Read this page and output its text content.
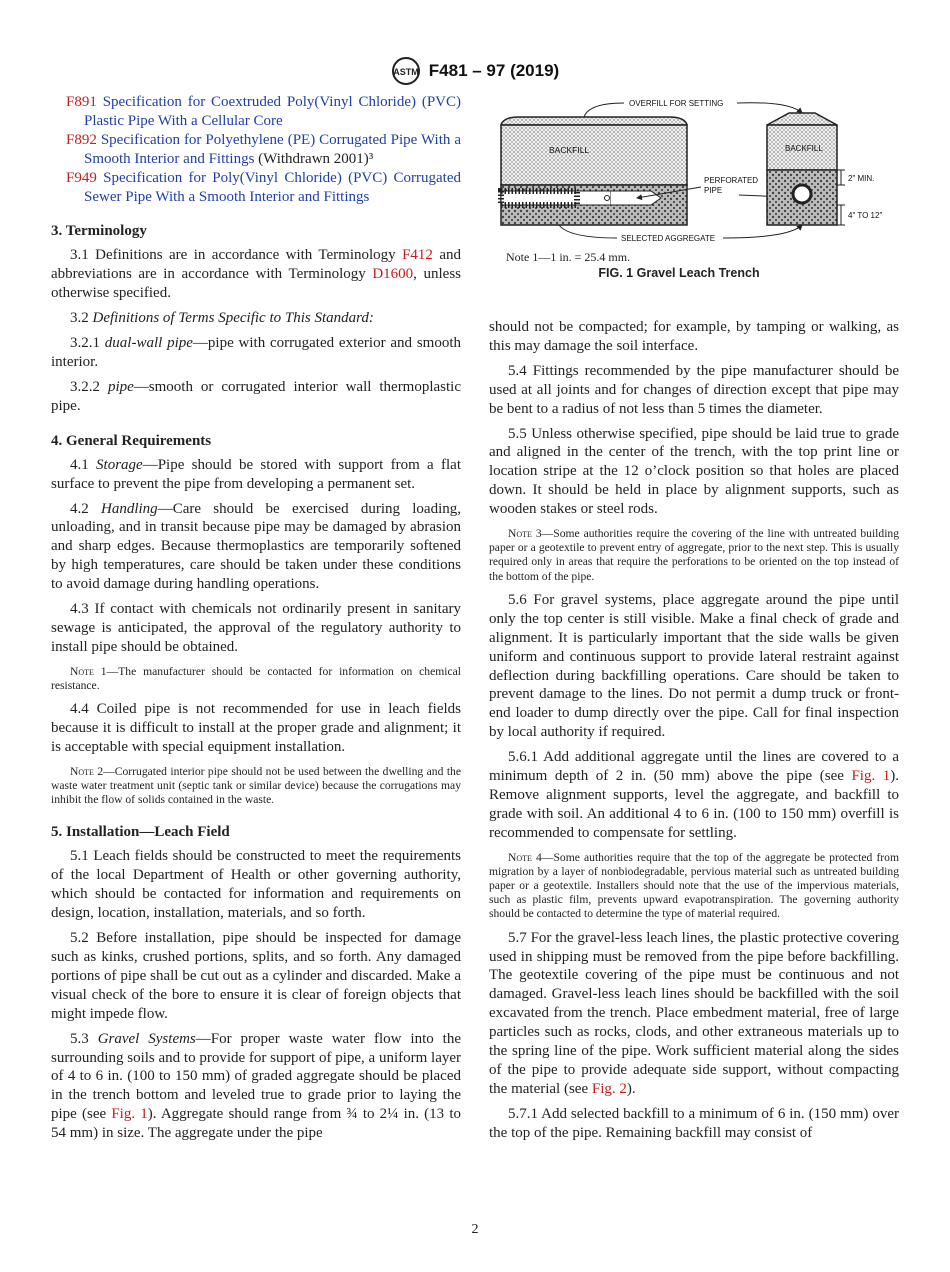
ASTM F481 – 97 (2019)
F891 Specification for Coextruded Poly(Vinyl Chloride) (PVC) Plastic Pipe With a Cellular Core
F892 Specification for Polyethylene (PE) Corrugated Pipe With a Smooth Interior and Fittings (Withdrawn 2001)³
F949 Specification for Poly(Vinyl Chloride) (PVC) Corrugated Sewer Pipe With a Smooth Interior and Fittings
3. Terminology

3.1 Definitions are in accordance with Terminology F412 and abbreviations are in accordance with Terminology D1600, unless otherwise specified.

3.2 Definitions of Terms Specific to This Standard:

3.2.1 dual-wall pipe—pipe with corrugated exterior and smooth interior.

3.2.2 pipe—smooth or corrugated interior wall thermoplastic pipe.

4. General Requirements

4.1 Storage—Pipe should be stored with support from a flat surface to prevent the pipe from developing a permanent set.

4.2 Handling—Care should be exercised during loading, unloading, and in transit because pipe may be damaged by abrasion and sharp edges. Because thermoplastics are temporarily softened by high temperatures, care should be taken under these conditions to avoid damage during handling operations.

4.3 If contact with chemicals not ordinarily present in sanitary sewage is anticipated, the approval of the regulatory authority to install pipe should be obtained.

Note 1—The manufacturer should be contacted for information on chemical resistance.

4.4 Coiled pipe is not recommended for use in leach fields because it is difficult to install at the proper grade and alignment; it is acceptable with special equipment installation.

Note 2—Corrugated interior pipe should not be used between the dwelling and the waste water treatment unit (septic tank or similar device) because the corrugations may inhibit the flow of solids contained in the waste.

5. Installation—Leach Field

5.1 Leach fields should be constructed to meet the requirements of the local Department of Health or other governing authority, which should be contacted for information and requirements on design, location, installation, materials, and so forth.

5.2 Before installation, pipe should be inspected for damage such as kinks, crushed portions, splits, and so forth. Any damaged portions of pipe shall be cut out as a cylinder and discarded. Make a visual check of the bore to ensure it is clear of foreign objects that might impede flow.

5.3 Gravel Systems—For proper waste water flow into the surrounding soils and to provide for support of pipe, a uniform layer of 4 to 6 in. (100 to 150 mm) of graded aggregate should be placed in the trench bottom and leveled true to grade prior to laying the pipe (see Fig. 1). Aggregate should range from ¾ to 2¼ in. (13 to 54 mm) in size. The aggregate under the pipe

BACKFILL
PERFORATED
PIPE
BACKFILL
2" MIN.
4" TO 12"
OVERFILL FOR SETTING
SELECTED AGGREGATE
Note 1—1 in. = 25.4 mm.
FIG. 1 Gravel Leach Trench

should not be compacted; for example, by tamping or walking, as this may damage the soil interface.

5.4 Fittings recommended by the pipe manufacturer should be used at all joints and for changes of direction except that pipe may be bent to a radius of not less than 5 times the diameter.

5.5 Unless otherwise specified, pipe should be laid true to grade and aligned in the center of the trench, with the top print line or location stripe at the 12 o’clock position so that holes are placed down. It should be held in place by alignment supports, such as wooden stakes or steel rods.

Note 3—Some authorities require the covering of the line with untreated building paper or a geotextile to prevent entry of aggregate, prior to the next step. This is usually required only in areas that require the perforations to be oriented on the top instead of the bottom of the pipe.

5.6 For gravel systems, place aggregate around the pipe until only the top center is still visible. Make a final check of grade and alignment. It is particularly important that the side walls be given uniform and continuous support to provide lateral restraint against deflection during backfilling operations. Care should be taken to prevent damage to the lines. Do not permit a dump truck or front-end loader to dump directly over the pipe. Call for final inspection by local authority if required.

5.6.1 Add additional aggregate until the lines are covered to a minimum depth of 2 in. (50 mm) above the pipe (see Fig. 1). Remove alignment supports, level the aggregate, and backfill to grade with soil. An additional 4 to 6 in. (100 to 150 mm) overfill is recommended to compensate for settling.

Note 4—Some authorities require that the top of the aggregate be protected from migration by a layer of nonbiodegradable, pervious material such as untreated building paper or a geotextile. Installers should note that the use of the impervious materials, such as plastic film, prevents upward evapotranspiration. The governing authority should be contacted to determine the type of material required.

5.7 For the gravel-less leach lines, the plastic protective covering used in shipping must be removed from the pipe before backfilling. The geotextile covering of the pipe must be continuous and not damaged. Gravel-less leach lines should be backfilled with the soil excavated from the trench. Place embedment material, free of large particles such as rocks, clods, and other extraneous materials up to the spring line of the pipe. Work sufficient material along the sides of the pipe to provide adequate side support, without compacting the material (see Fig. 2).

5.7.1 Add selected backfill to a minimum of 6 in. (150 mm) over the top of the pipe. Remaining backfill may consist of

2
